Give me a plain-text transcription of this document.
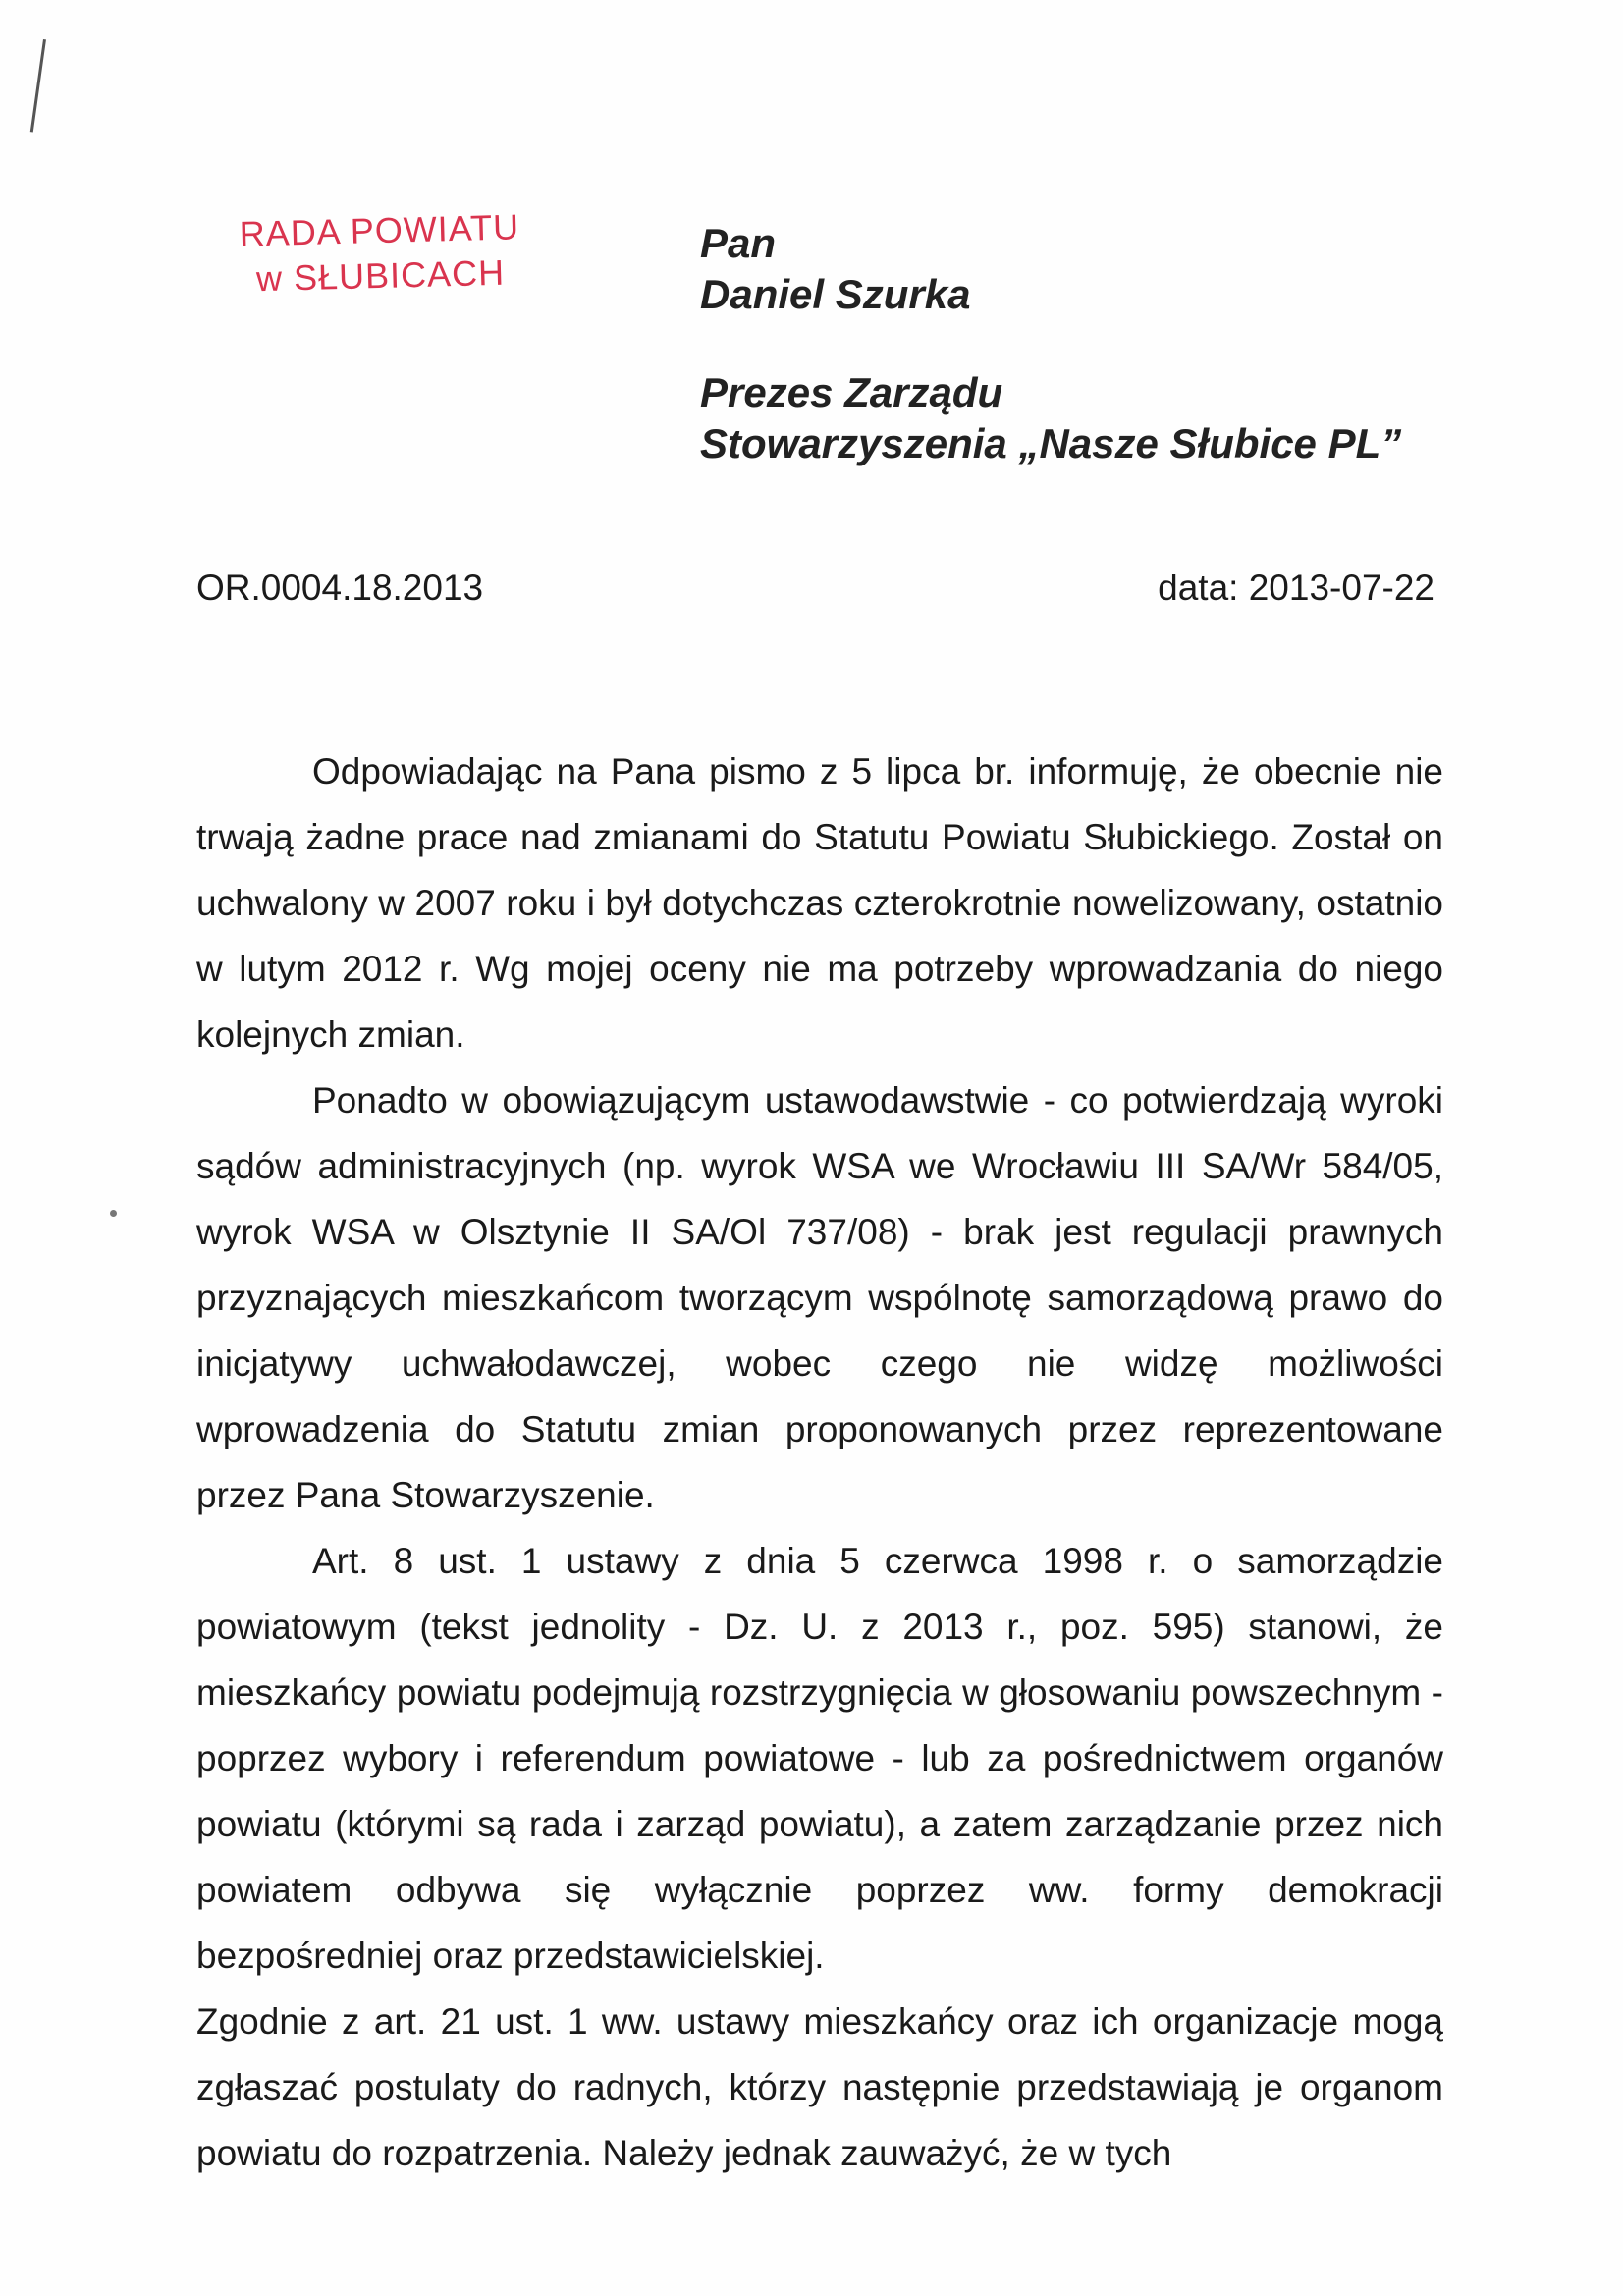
RADA POWIATU
w SŁUBICACH
Pan
Daniel Szurka
Prezes Zarządu
Stowarzyszenia „Nasze Słubice PL”
OR.0004.18.2013	data: 2013-07-22

Odpowiadając na Pana pismo z 5 lipca br. informuję, że obecnie nie trwają żadne prace nad zmianami do Statutu Powiatu Słubickiego. Został on uchwalony w 2007 roku i był dotychczas czterokrotnie nowelizowany, ostatnio w lutym 2012 r. Wg mojej oceny nie ma potrzeby wprowadzania do niego kolejnych zmian.

Ponadto w obowiązującym ustawodawstwie - co potwierdzają wyroki sądów administracyjnych (np. wyrok WSA we Wrocławiu III SA/Wr 584/05, wyrok WSA w Olsztynie II SA/Ol 737/08) - brak jest regulacji prawnych przyznających mieszkańcom tworzącym wspólnotę samorządową prawo do inicjatywy uchwałodawczej, wobec czego nie widzę możliwości wprowadzenia do Statutu zmian proponowanych przez reprezentowane przez Pana Stowarzyszenie.

Art. 8 ust. 1 ustawy z dnia 5 czerwca 1998 r. o samorządzie powiatowym (tekst jednolity - Dz. U. z 2013 r., poz. 595) stanowi, że mieszkańcy powiatu podejmują rozstrzygnięcia w głosowaniu powszechnym - poprzez wybory i referendum powiatowe - lub za pośrednictwem organów powiatu (którymi są rada i zarząd powiatu), a zatem zarządzanie przez nich powiatem odbywa się wyłącznie poprzez ww. formy demokracji bezpośredniej oraz przedstawicielskiej.

Zgodnie z art. 21 ust. 1 ww. ustawy mieszkańcy oraz ich organizacje mogą zgłaszać postulaty do radnych, którzy następnie przedstawiają je organom powiatu do rozpatrzenia. Należy jednak zauważyć, że w tych
